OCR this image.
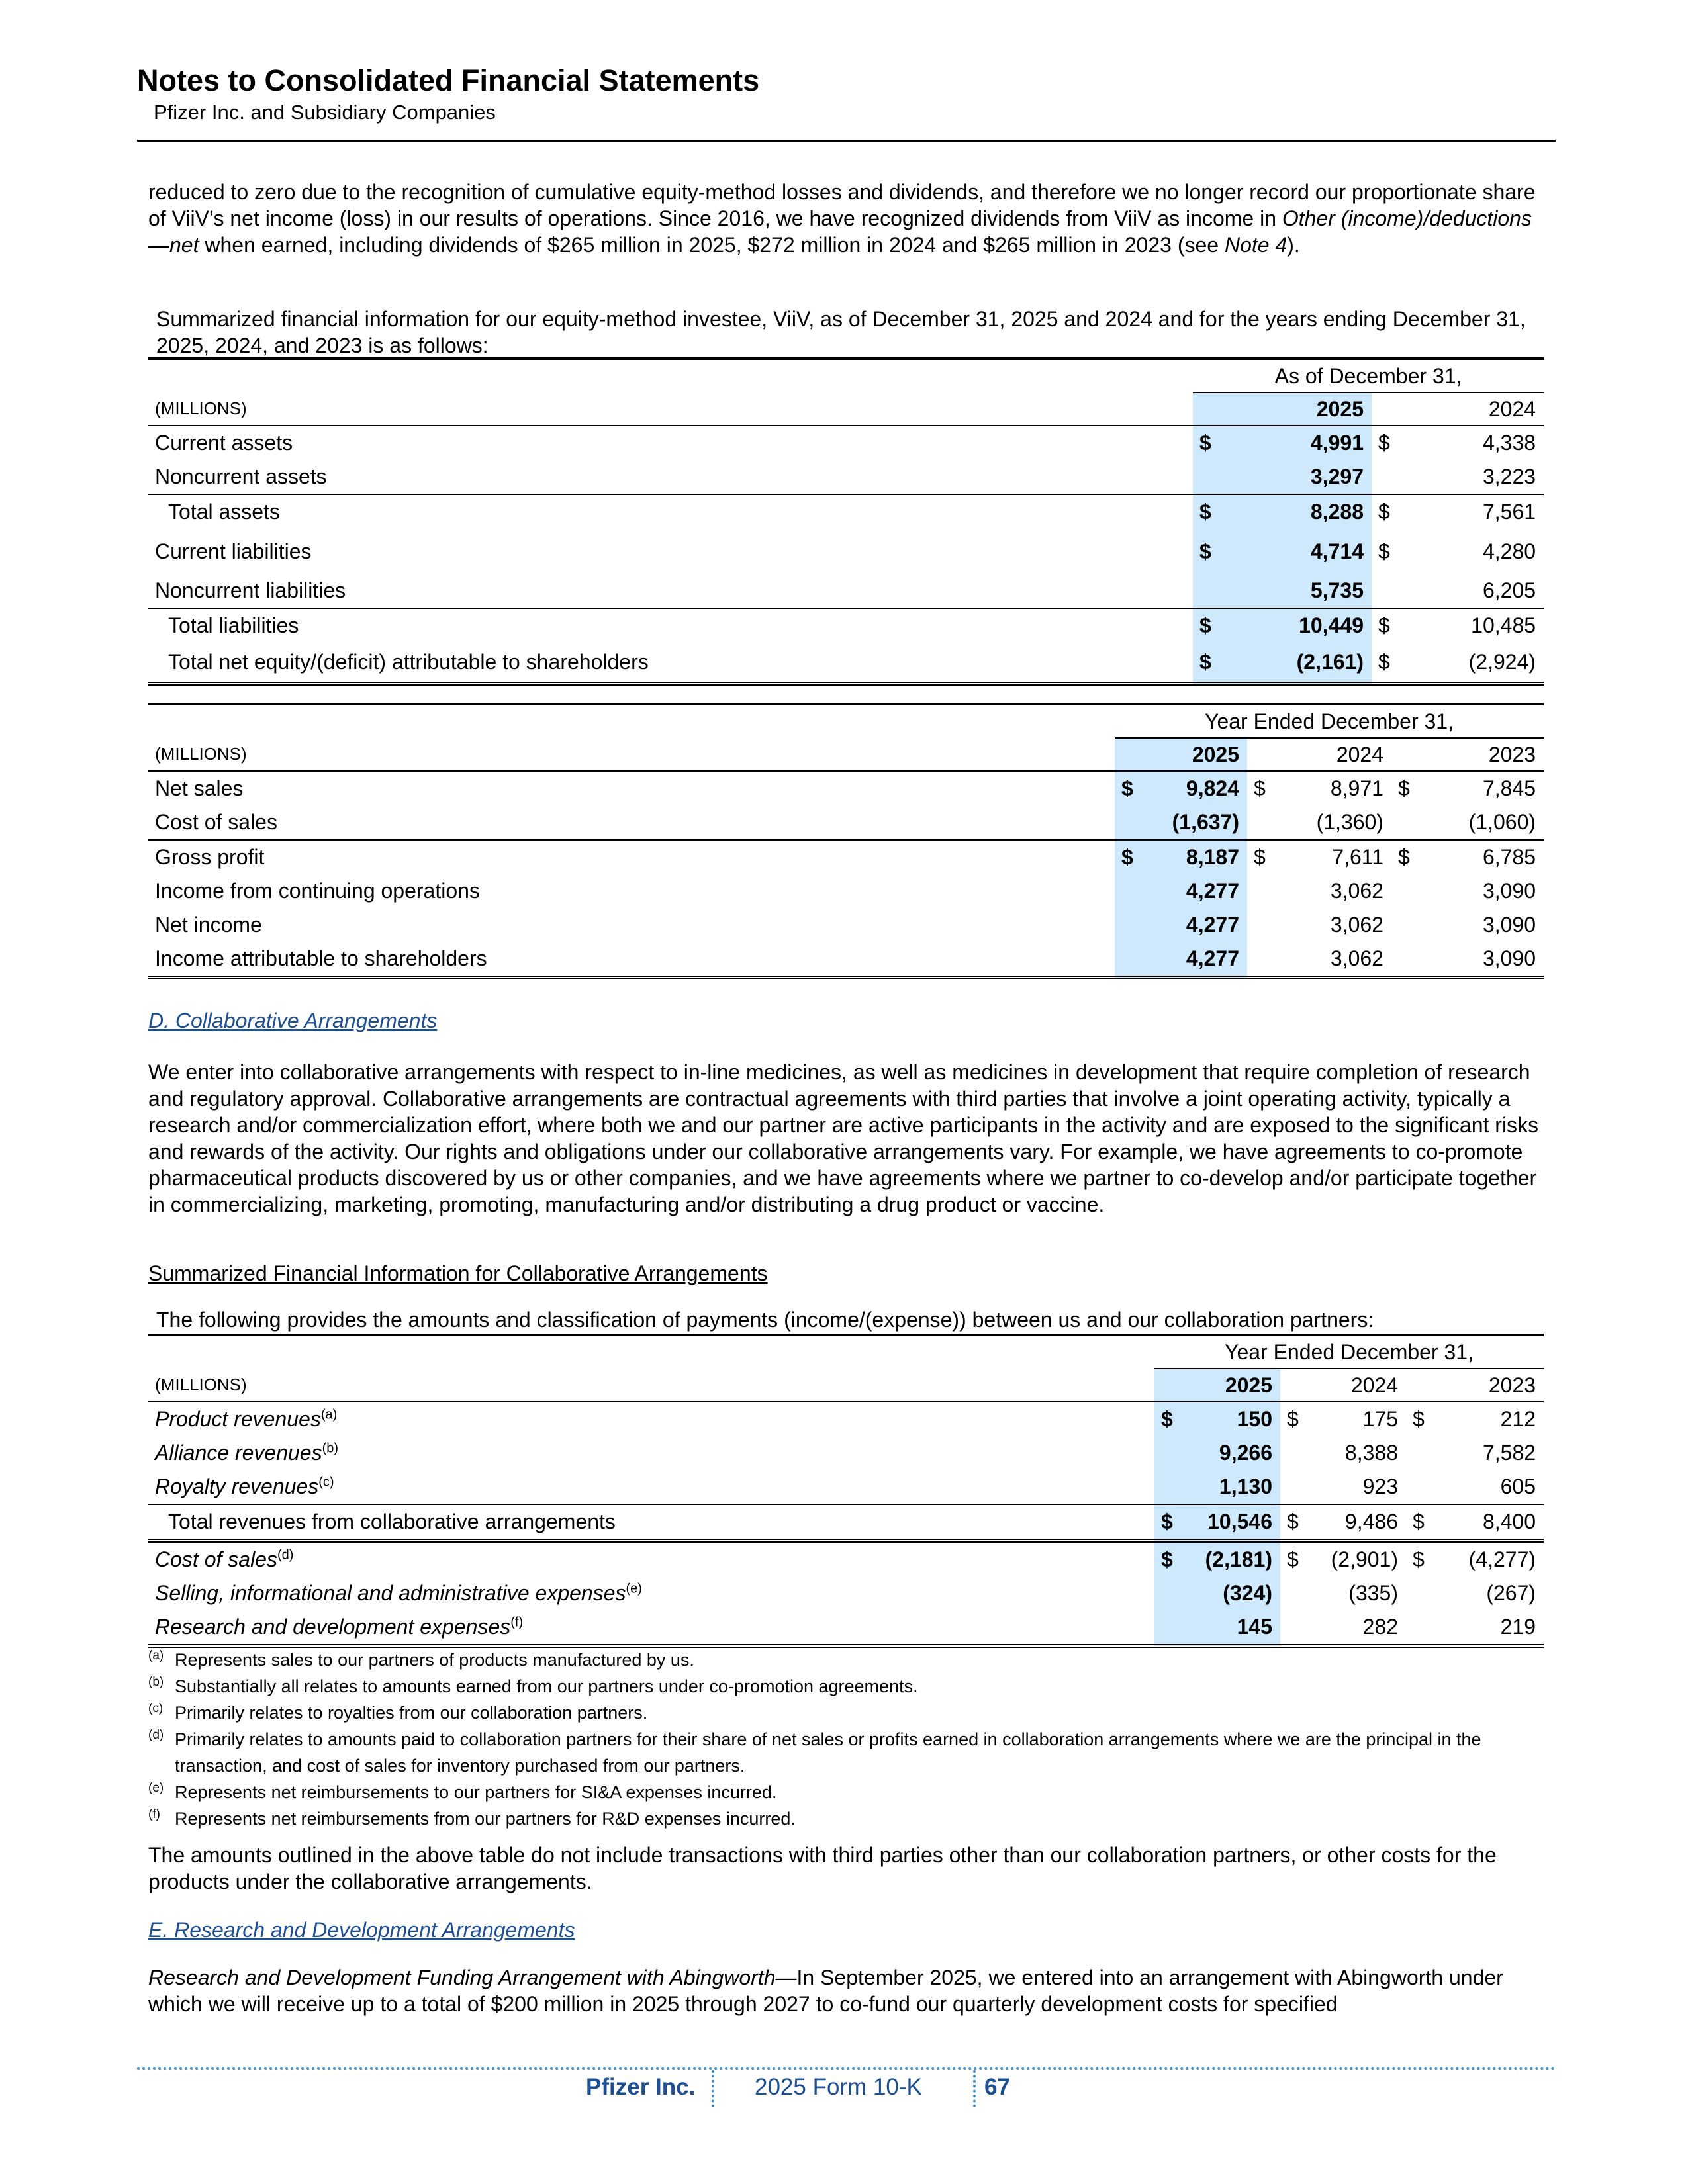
Notes to Consolidated Financial Statements
Pfizer Inc. and Subsidiary Companies
reduced to zero due to the recognition of cumulative equity-method losses and dividends, and therefore we no longer record our proportionate share of ViiV’s net income (loss) in our results of operations. Since 2016, we have recognized dividends from ViiV as income in Other (income)/deductions—net when earned, including dividends of $265 million in 2025, $272 million in 2024 and $265 million in 2023 (see Note 4).
Summarized financial information for our equity-method investee, ViiV, as of December 31, 2025 and 2024 and for the years ending December 31, 2025, 2024, and 2023 is as follows:
	As of December 31,			
(MILLIONS)		2025		2024
Current assets	$	4,991	$	4,338
Noncurrent assets		3,297		3,223
Total assets	$	8,288	$	7,561
Current liabilities	$	4,714	$	4,280
Noncurrent liabilities		5,735		6,205
Total liabilities	$	10,449	$	10,485
Total net equity/(deficit) attributable to shareholders	$	(2,161)	$	(2,924)
	Year Ended December 31,					
(MILLIONS)		2025		2024		2023
Net sales	$	9,824	$	8,971	$	7,845
Cost of sales		(1,637)		(1,360)		(1,060)
Gross profit	$	8,187	$	7,611	$	6,785
Income from continuing operations		4,277		3,062		3,090
Net income		4,277		3,062		3,090
Income attributable to shareholders		4,277		3,062		3,090
D. Collaborative Arrangements
We enter into collaborative arrangements with respect to in-line medicines, as well as medicines in development that require completion of research and regulatory approval. Collaborative arrangements are contractual agreements with third parties that involve a joint operating activity, typically a research and/or commercialization effort, where both we and our partner are active participants in the activity and are exposed to the significant risks and rewards of the activity. Our rights and obligations under our collaborative arrangements vary. For example, we have agreements to co-promote pharmaceutical products discovered by us or other companies, and we have agreements where we partner to co-develop and/or participate together in commercializing, marketing, promoting, manufacturing and/or distributing a drug product or vaccine.
Summarized Financial Information for Collaborative Arrangements
The following provides the amounts and classification of payments (income/(expense)) between us and our collaboration partners:
	Year Ended December 31,					
(MILLIONS)		2025		2024		2023
Product revenues$^{(a)}$	$	150	$	175	$	212
Alliance revenues$^{(b)}$		9,266		8,388		7,582
Royalty revenues$^{(c)}$		1,130		923		605
Total revenues from collaborative arrangements	$	10,546	$	9,486	$	8,400
Cost of sales$^{(d)}$	$	(2,181)	$	(2,901)	$	(4,277)
Selling, informational and administrative expenses$^{(e)}$		(324)		(335)		(267)
Research and development expenses$^{(f)}$		145		282		219
(a) Represents sales to our partners of products manufactured by us.
(b) Substantially all relates to amounts earned from our partners under co-promotion agreements.
(c) Primarily relates to royalties from our collaboration partners.
(d) Primarily relates to amounts paid to collaboration partners for their share of net sales or profits earned in collaboration arrangements where we are the principal in the transaction, and cost of sales for inventory purchased from our partners.
(e) Represents net reimbursements to our partners for SI&A expenses incurred.
(f) Represents net reimbursements from our partners for R&D expenses incurred.
The amounts outlined in the above table do not include transactions with third parties other than our collaboration partners, or other costs for the products under the collaborative arrangements.
E. Research and Development Arrangements
Research and Development Funding Arrangement with Abingworth—In September 2025, we entered into an arrangement with Abingworth under which we will receive up to a total of $200 million in 2025 through 2027 to co-fund our quarterly development costs for specified
Pfizer Inc.	2025 Form 10-K	67
